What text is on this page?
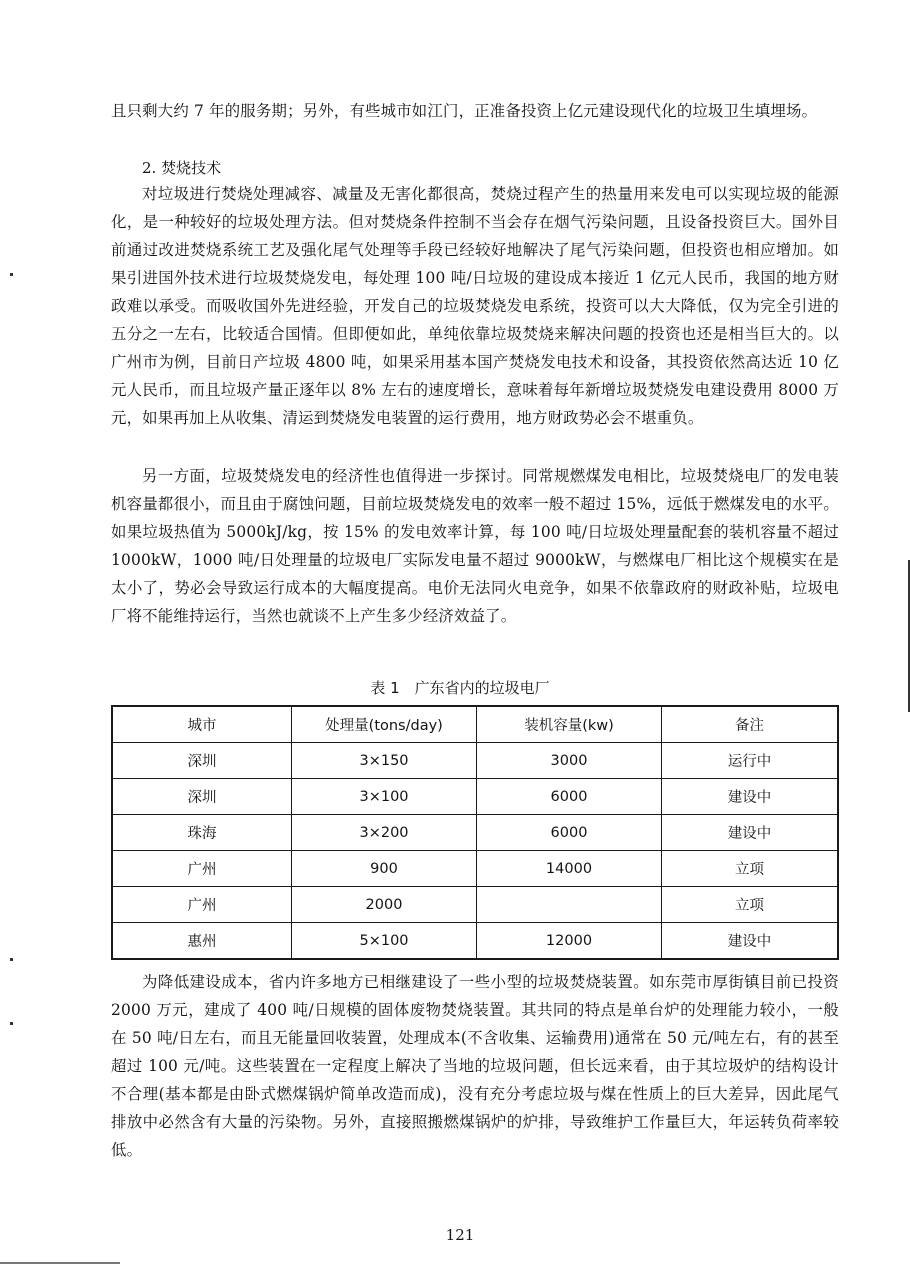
且只剩大约 7 年的服务期；另外，有些城市如江门，正准备投资上亿元建设现代化的垃圾卫生填埋场。

2. 焚烧技术

对垃圾进行焚烧处理减容、减量及无害化都很高，焚烧过程产生的热量用来发电可以实现垃圾的能源化，是一种较好的垃圾处理方法。但对焚烧条件控制不当会存在烟气污染问题，且设备投资巨大。国外目前通过改进焚烧系统工艺及强化尾气处理等手段已经较好地解决了尾气污染问题，但投资也相应增加。如果引进国外技术进行垃圾焚烧发电，每处理 100 吨/日垃圾的建设成本接近 1 亿元人民币，我国的地方财政难以承受。而吸收国外先进经验，开发自己的垃圾焚烧发电系统，投资可以大大降低，仅为完全引进的五分之一左右，比较适合国情。但即便如此，单纯依靠垃圾焚烧来解决问题的投资也还是相当巨大的。以广州市为例，目前日产垃圾 4800 吨，如果采用基本国产焚烧发电技术和设备，其投资依然高达近 10 亿元人民币，而且垃圾产量正逐年以 8% 左右的速度增长，意味着每年新增垃圾焚烧发电建设费用 8000 万元，如果再加上从收集、清运到焚烧发电装置的运行费用，地方财政势必会不堪重负。

另一方面，垃圾焚烧发电的经济性也值得进一步探讨。同常规燃煤发电相比，垃圾焚烧电厂的发电装机容量都很小，而且由于腐蚀问题，目前垃圾焚烧发电的效率一般不超过 15%，远低于燃煤发电的水平。如果垃圾热值为 5000kJ/kg，按 15% 的发电效率计算，每 100 吨/日垃圾处理量配套的装机容量不超过 1000kW，1000 吨/日处理量的垃圾电厂实际发电量不超过 9000kW，与燃煤电厂相比这个规模实在是太小了，势必会导致运行成本的大幅度提高。电价无法同火电竞争，如果不依靠政府的财政补贴，垃圾电厂将不能维持运行，当然也就谈不上产生多少经济效益了。

表 1　广东省内的垃圾电厂
城市	处理量(tons/day)	装机容量(kw)	备注
深圳	3×150	3000	运行中
深圳	3×100	6000	建设中
珠海	3×200	6000	建设中
广州	900	14000	立项
广州	2000		立项
惠州	5×100	12000	建设中

为降低建设成本，省内许多地方已相继建设了一些小型的垃圾焚烧装置。如东莞市厚街镇目前已投资 2000 万元，建成了 400 吨/日规模的固体废物焚烧装置。其共同的特点是单台炉的处理能力较小，一般在 50 吨/日左右，而且无能量回收装置，处理成本(不含收集、运输费用)通常在 50 元/吨左右，有的甚至超过 100 元/吨。这些装置在一定程度上解决了当地的垃圾问题，但长远来看，由于其垃圾炉的结构设计不合理(基本都是由卧式燃煤锅炉简单改造而成)，没有充分考虑垃圾与煤在性质上的巨大差异，因此尾气排放中必然含有大量的污染物。另外，直接照搬燃煤锅炉的炉排，导致维护工作量巨大，年运转负荷率较低。

121
